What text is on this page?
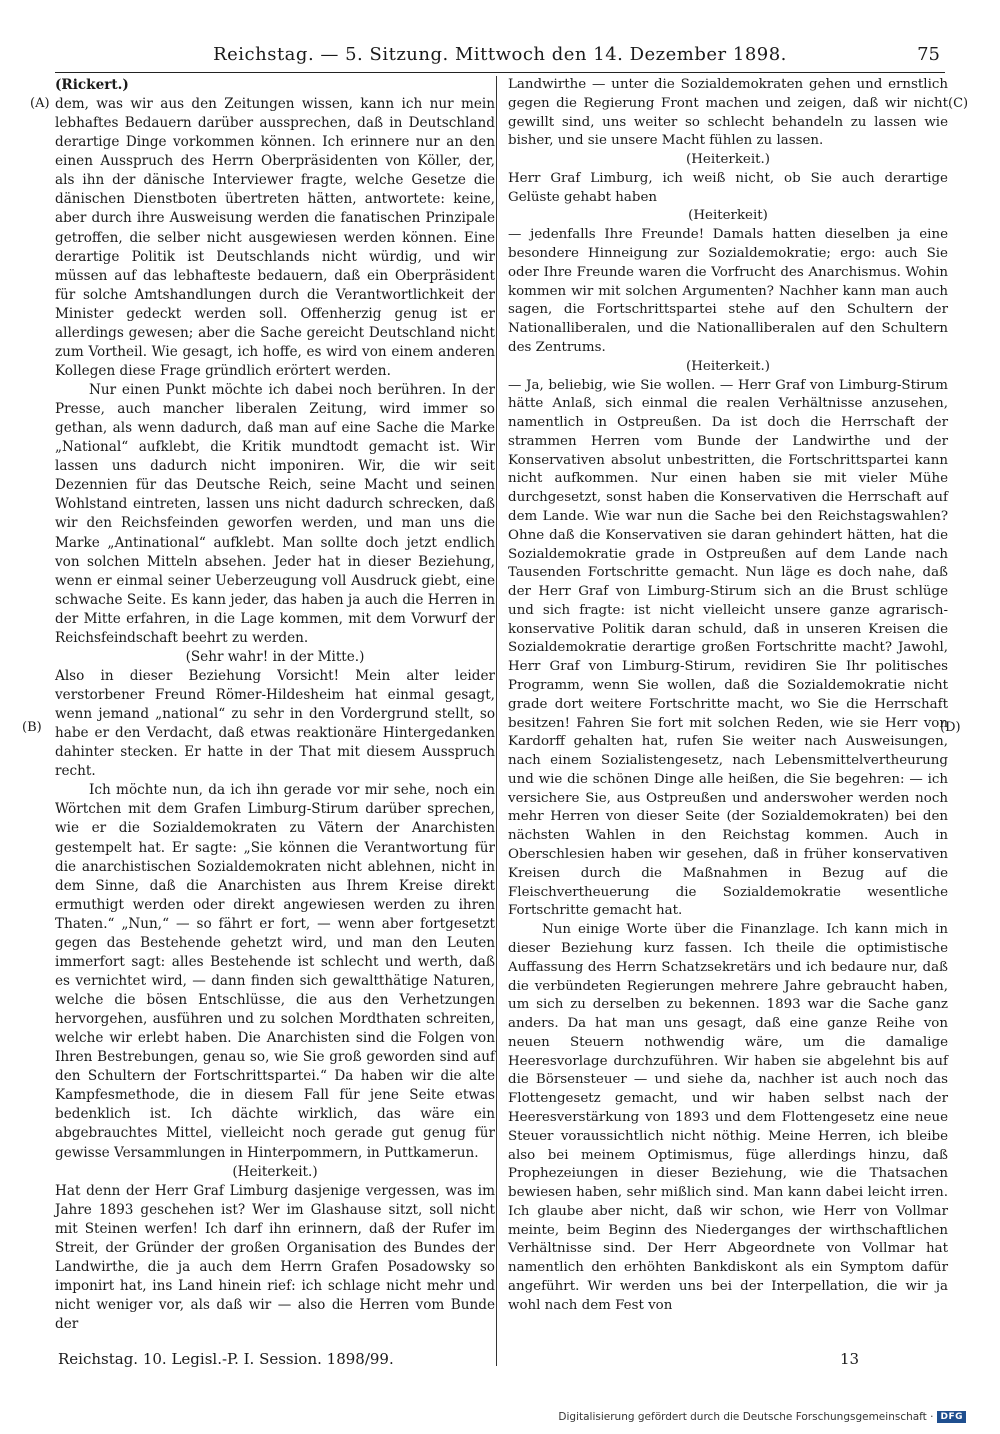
Reichstag. — 5. Sitzung. Mittwoch den 14. Dezember 1898.	75
(A)
(B)
(C)
(D)

(Rickert.)

dem, was wir aus den Zeitungen wissen, kann ich nur mein lebhaftes Bedauern darüber aussprechen, daß in Deutschland derartige Dinge vorkommen können. Ich erinnere nur an den einen Ausspruch des Herrn Oberpräsidenten von Köller, der, als ihn der dänische Interviewer fragte, welche Gesetze die dänischen Dienstboten übertreten hätten, antwortete: keine, aber durch ihre Ausweisung werden die fanatischen Prinzipale getroffen, die selber nicht ausgewiesen werden können. Eine derartige Politik ist Deutschlands nicht würdig, und wir müssen auf das lebhafteste bedauern, daß ein Oberpräsident für solche Amtshandlungen durch die Verantwortlichkeit der Minister gedeckt werden soll. Offenherzig genug ist er allerdings gewesen; aber die Sache gereicht Deutschland nicht zum Vortheil. Wie gesagt, ich hoffe, es wird von einem anderen Kollegen diese Frage gründlich erörtert werden.

Nur einen Punkt möchte ich dabei noch berühren. In der Presse, auch mancher liberalen Zeitung, wird immer so gethan, als wenn dadurch, daß man auf eine Sache die Marke „National“ aufklebt, die Kritik mundtodt gemacht ist. Wir lassen uns dadurch nicht imponiren. Wir, die wir seit Dezennien für das Deutsche Reich, seine Macht und seinen Wohlstand eintreten, lassen uns nicht dadurch schrecken, daß wir den Reichsfeinden geworfen werden, und man uns die Marke „Antinational“ aufklebt. Man sollte doch jetzt endlich von solchen Mitteln absehen. Jeder hat in dieser Beziehung, wenn er einmal seiner Ueberzeugung voll Ausdruck giebt, eine schwache Seite. Es kann jeder, das haben ja auch die Herren in der Mitte erfahren, in die Lage kommen, mit dem Vorwurf der Reichsfeindschaft beehrt zu werden.

(Sehr wahr! in der Mitte.)

Also in dieser Beziehung Vorsicht! Mein alter leider verstorbener Freund Römer-Hildesheim hat einmal gesagt, wenn jemand „national“ zu sehr in den Vordergrund stellt, so habe er den Verdacht, daß etwas reaktionäre Hintergedanken dahinter stecken. Er hatte in der That mit diesem Ausspruch recht.

Ich möchte nun, da ich ihn gerade vor mir sehe, noch ein Wörtchen mit dem Grafen Limburg-Stirum darüber sprechen, wie er die Sozialdemokraten zu Vätern der Anarchisten gestempelt hat. Er sagte: „Sie können die Verantwortung für die anarchistischen Sozialdemokraten nicht ablehnen, nicht in dem Sinne, daß die Anarchisten aus Ihrem Kreise direkt ermuthigt werden oder direkt angewiesen werden zu ihren Thaten.“ „Nun,“ — so fährt er fort, — wenn aber fortgesetzt gegen das Bestehende gehetzt wird, und man den Leuten immerfort sagt: alles Bestehende ist schlecht und werth, daß es vernichtet wird, — dann finden sich gewaltthätige Naturen, welche die bösen Entschlüsse, die aus den Verhetzungen hervorgehen, ausführen und zu solchen Mordthaten schreiten, welche wir erlebt haben. Die Anarchisten sind die Folgen von Ihren Bestrebungen, genau so, wie Sie groß geworden sind auf den Schultern der Fortschrittspartei.“ Da haben wir die alte Kampfesmethode, die in diesem Fall für jene Seite etwas bedenklich ist. Ich dächte wirklich, das wäre ein abgebrauchtes Mittel, vielleicht noch gerade gut genug für gewisse Versammlungen in Hinterpommern, in Puttkamerun.

(Heiterkeit.)

Hat denn der Herr Graf Limburg dasjenige vergessen, was im Jahre 1893 geschehen ist? Wer im Glashause sitzt, soll nicht mit Steinen werfen! Ich darf ihn erinnern, daß der Rufer im Streit, der Gründer der großen Organisation des Bundes der Landwirthe, die ja auch dem Herrn Grafen Posadowsky so imponirt hat, ins Land hinein rief: ich schlage nicht mehr und nicht weniger vor, als daß wir — also die Herren vom Bunde der

Landwirthe — unter die Sozialdemokraten gehen und ernstlich gegen die Regierung Front machen und zeigen, daß wir nicht gewillt sind, uns weiter so schlecht behandeln zu lassen wie bisher, und sie unsere Macht fühlen zu lassen.

(Heiterkeit.)

Herr Graf Limburg, ich weiß nicht, ob Sie auch derartige Gelüste gehabt haben

(Heiterkeit)

— jedenfalls Ihre Freunde! Damals hatten dieselben ja eine besondere Hinneigung zur Sozialdemokratie; ergo: auch Sie oder Ihre Freunde waren die Vorfrucht des Anarchismus. Wohin kommen wir mit solchen Argumenten? Nachher kann man auch sagen, die Fortschrittspartei stehe auf den Schultern der Nationalliberalen, und die Nationalliberalen auf den Schultern des Zentrums.

(Heiterkeit.)

— Ja, beliebig, wie Sie wollen. — Herr Graf von Limburg-Stirum hätte Anlaß, sich einmal die realen Verhältnisse anzusehen, namentlich in Ostpreußen. Da ist doch die Herrschaft der strammen Herren vom Bunde der Landwirthe und der Konservativen absolut unbestritten, die Fortschrittspartei kann nicht aufkommen. Nur einen haben sie mit vieler Mühe durchgesetzt, sonst haben die Konservativen die Herrschaft auf dem Lande. Wie war nun die Sache bei den Reichstagswahlen? Ohne daß die Konservativen sie daran gehindert hätten, hat die Sozialdemokratie grade in Ostpreußen auf dem Lande nach Tausenden Fortschritte gemacht. Nun läge es doch nahe, daß der Herr Graf von Limburg-Stirum sich an die Brust schlüge und sich fragte: ist nicht vielleicht unsere ganze agrarisch-konservative Politik daran schuld, daß in unseren Kreisen die Sozialdemokratie derartige großen Fortschritte macht? Jawohl, Herr Graf von Limburg-Stirum, revidiren Sie Ihr politisches Programm, wenn Sie wollen, daß die Sozialdemokratie nicht grade dort weitere Fortschritte macht, wo Sie die Herrschaft besitzen! Fahren Sie fort mit solchen Reden, wie sie Herr von Kardorff gehalten hat, rufen Sie weiter nach Ausweisungen, nach einem Sozialistengesetz, nach Lebensmittelvertheurung und wie die schönen Dinge alle heißen, die Sie begehren: — ich versichere Sie, aus Ostpreußen und anderswoher werden noch mehr Herren von dieser Seite (der Sozialdemokraten) bei den nächsten Wahlen in den Reichstag kommen. Auch in Oberschlesien haben wir gesehen, daß in früher konservativen Kreisen durch die Maßnahmen in Bezug auf die Fleischvertheuerung die Sozialdemokratie wesentliche Fortschritte gemacht hat.

Nun einige Worte über die Finanzlage. Ich kann mich in dieser Beziehung kurz fassen. Ich theile die optimistische Auffassung des Herrn Schatzsekretärs und ich bedaure nur, daß die verbündeten Regierungen mehrere Jahre gebraucht haben, um sich zu derselben zu bekennen. 1893 war die Sache ganz anders. Da hat man uns gesagt, daß eine ganze Reihe von neuen Steuern nothwendig wäre, um die damalige Heeresvorlage durchzuführen. Wir haben sie abgelehnt bis auf die Börsensteuer — und siehe da, nachher ist auch noch das Flottengesetz gemacht, und wir haben selbst nach der Heeresverstärkung von 1893 und dem Flottengesetz eine neue Steuer voraussichtlich nicht nöthig. Meine Herren, ich bleibe also bei meinem Optimismus, füge allerdings hinzu, daß Prophezeiungen in dieser Beziehung, wie die Thatsachen bewiesen haben, sehr mißlich sind. Man kann dabei leicht irren. Ich glaube aber nicht, daß wir schon, wie Herr von Vollmar meinte, beim Beginn des Niederganges der wirthschaftlichen Verhältnisse sind. Der Herr Abgeordnete von Vollmar hat namentlich den erhöhten Bankdiskont als ein Symptom dafür angeführt. Wir werden uns bei der Interpellation, die wir ja wohl nach dem Fest von

Reichstag. 10. Legisl.-P. I. Session. 1898/99.	13
Digitalisierung gefördert durch die Deutsche Forschungsgemeinschaft · DFG
